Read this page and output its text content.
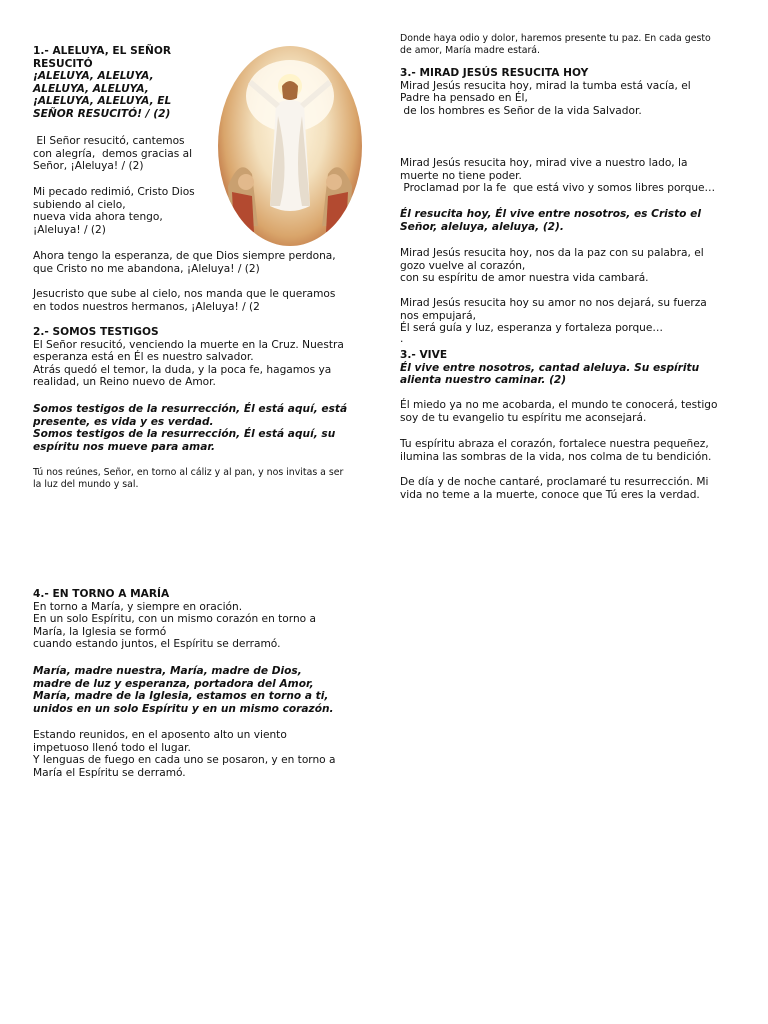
1.- ALELUYA, EL SEÑOR

RESUCITÓ

¡ALELUYA, ALELUYA,

ALELUYA, ALELUYA,

¡ALELUYA, ALELUYA, EL

SEÑOR RESUCITÓ! / (2)

El Señor resucitó, cantemos

con alegría,  demos gracias al

Señor, ¡Aleluya! / (2)

Mi pecado redimió, Cristo Dios

subiendo al cielo,

nueva vida ahora tengo,

¡Aleluya! / (2)

Ahora tengo la esperanza, de que Dios siempre perdona,

que Cristo no me abandona, ¡Aleluya! / (2)

Jesucristo que sube al cielo, nos manda que le queramos

en todos nuestros hermanos, ¡Aleluya! / (2

2.- SOMOS TESTIGOS

El Señor resucitó, venciendo la muerte en la Cruz. Nuestra

esperanza está en Él es nuestro salvador.

Atrás quedó el temor, la duda, y la poca fe, hagamos ya

realidad, un Reino nuevo de Amor.

Somos testigos de la resurrección, Él está aquí, está

presente, es vida y es verdad.

Somos testigos de la resurrección, Él está aquí, su

espíritu nos mueve para amar.

Tú nos reúnes, Señor, en torno al cáliz y al pan, y nos invitas a ser

la luz del mundo y sal.

4.- EN TORNO A MARÍA

En torno a María, y siempre en oración.

En un solo Espíritu, con un mismo corazón en torno a

María, la Iglesia se formó

cuando estando juntos, el Espíritu se derramó.

María, madre nuestra, María, madre de Dios,

madre de luz y esperanza, portadora del Amor,

María, madre de la Iglesia, estamos en torno a ti,

unidos en un solo Espíritu y en un mismo corazón.

Estando reunidos, en el aposento alto un viento

impetuoso llenó todo el lugar.

Y lenguas de fuego en cada uno se posaron, y en torno a

María el Espíritu se derramó.

Donde haya odio y dolor, haremos presente tu paz. En cada gesto

de amor, María madre estará.

3.- MIRAD JESÚS RESUCITA HOY

Mirad Jesús resucita hoy, mirad la tumba está vacía, el

Padre ha pensado en Él,

de los hombres es Señor de la vida Salvador.

Mirad Jesús resucita hoy, mirad vive a nuestro lado, la

muerte no tiene poder.

Proclamad por la fe  que está vivo y somos libres porque…

Él resucita hoy, Él vive entre nosotros, es Cristo el

Señor, aleluya, aleluya, (2).

Mirad Jesús resucita hoy, nos da la paz con su palabra, el

gozo vuelve al corazón,

con su espíritu de amor nuestra vida cambará.

Mirad Jesús resucita hoy su amor no nos dejará, su fuerza

nos empujará,

Él será guía y luz, esperanza y fortaleza porque…

.

3.- VIVE

Él vive entre nosotros, cantad aleluya. Su espíritu

alienta nuestro caminar. (2)

Él miedo ya no me acobarda, el mundo te conocerá, testigo

soy de tu evangelio tu espíritu me aconsejará.

Tu espíritu abraza el corazón, fortalece nuestra pequeñez,

ilumina las sombras de la vida, nos colma de tu bendición.

De día y de noche cantaré, proclamaré tu resurrección. Mi

vida no teme a la muerte, conoce que Tú eres la verdad.
